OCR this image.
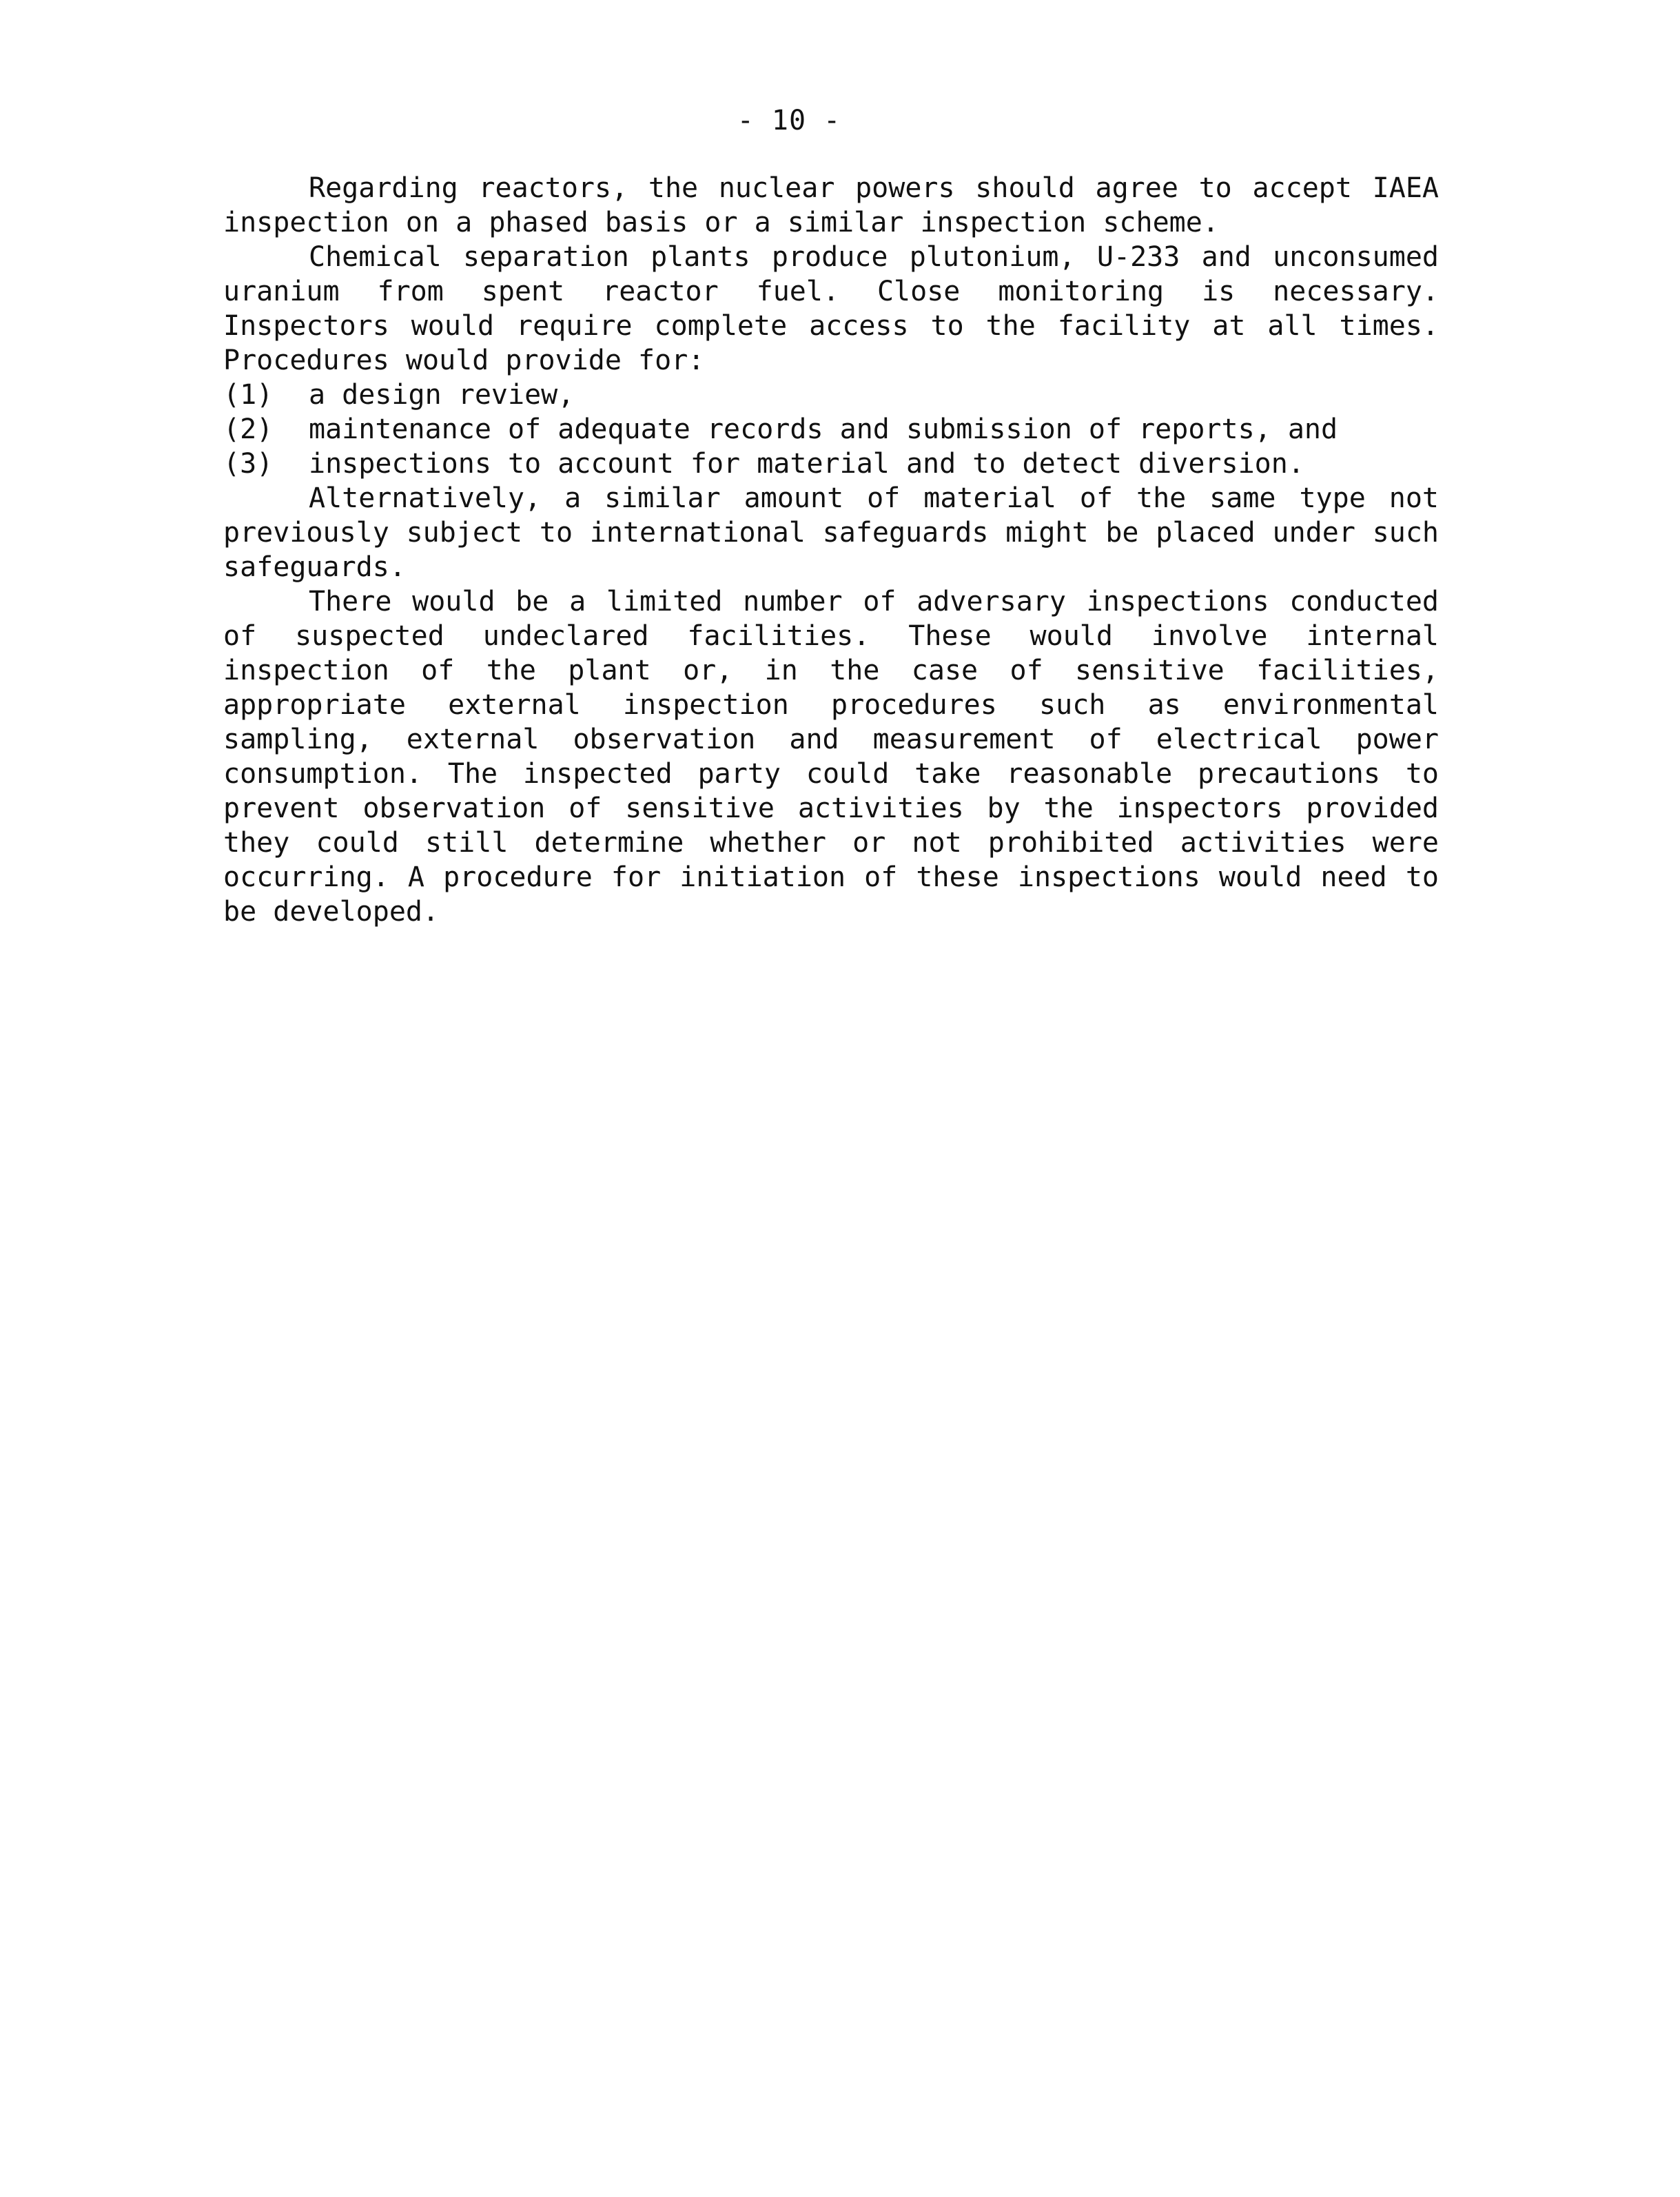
- 10 -

Regarding reactors, the nuclear powers should agree to accept IAEA inspection on a phased basis or a similar inspection scheme.

Chemical separation plants produce plutonium, U-233 and unconsumed uranium from spent reactor fuel. Close monitoring is necessary. Inspectors would require complete access to the facility at all times. Procedures would provide for:

(1)	a design review,
(2)	maintenance of adequate records and submission of reports, and
(3)	inspections to account for material and to detect diversion.

Alternatively, a similar amount of material of the same type not previously subject to international safeguards might be placed under such safeguards.

There would be a limited number of adversary inspections conducted of suspected undeclared facilities. These would involve internal inspection of the plant or, in the case of sensitive facilities, appropriate external inspection procedures such as environmental sampling, external observation and measurement of electrical power consumption. The inspected party could take reasonable precautions to prevent observation of sensitive activities by the inspectors provided they could still determine whether or not prohibited activities were occurring. A procedure for initiation of these inspections would need to be developed.
